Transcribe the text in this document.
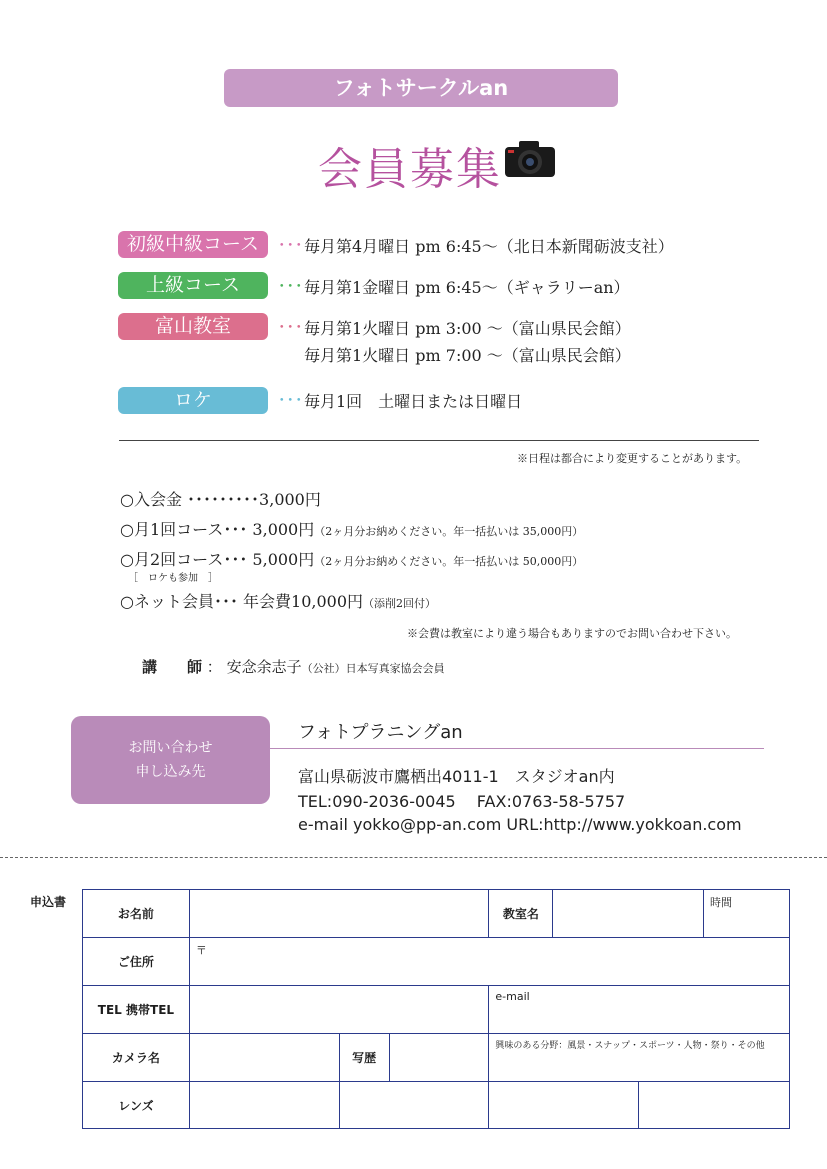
フォトサークルan
会員募集
初級中級コース	･･･ 毎月第4月曜日 pm 6:45〜（北日本新聞砺波支社）
上級コース	･･･ 毎月第1金曜日 pm 6:45〜（ギャラリーan）
富山教室	･･･ 毎月第1火曜日 pm 3:00 〜（富山県民会館）
毎月第1火曜日 pm 7:00 〜（富山県民会館）
ロケ	･･･ 毎月1回　土曜日または日曜日
※日程は都合により変更することがあります。
○入会金 ･････････3,000円
○月1回コース･･･ 3,000円（2ヶ月分お納めください。年一括払いは 35,000円）
○月2回コース･･･ 5,000円（2ヶ月分お納めください。年一括払いは 50,000円）
［　ロケも参加　］
○ネット会員･･･ 年会費10,000円（添削2回付）
※会費は教室により違う場合もありますのでお問い合わせ下さい。
講　　師 ： 安念余志子（公社）日本写真家協会会員
お問い合わせ
申し込み先
フォトプラニングan
富山県砺波市鷹栖出4011-1　スタジオan内
TEL:090-2036-0045　 FAX:0763-58-5757
e-mail yokko@pp-an.com URL:http://www.yokkoan.com
申込書
お名前				教室名			時間
ご住所	〒						
TEL 携帯TEL				e-mail			
カメラ名		写歴		興味のある分野：風景・スナップ・スポーツ・人物・祭り・その他			
レンズ							
